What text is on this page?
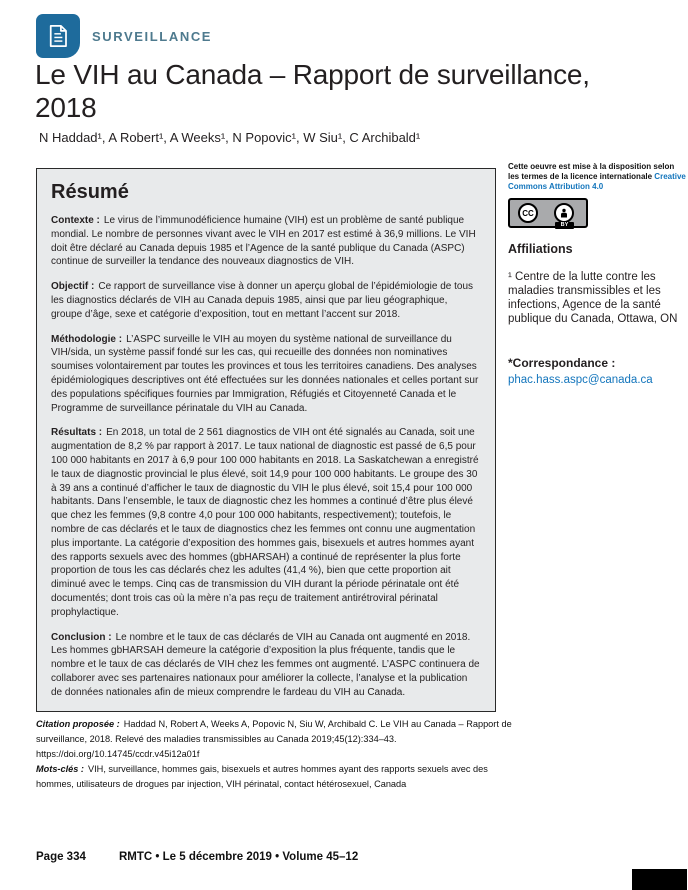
SURVEILLANCE
Le VIH au Canada – Rapport de surveillance, 2018
N Haddad¹, A Robert¹, A Weeks¹, N Popovic¹, W Siu¹, C Archibald¹
Résumé

Contexte : Le virus de l’immunodéficience humaine (VIH) est un problème de santé publique mondial. Le nombre de personnes vivant avec le VIH en 2017 est estimé à 36,9 millions. Le VIH doit être déclaré au Canada depuis 1985 et l’Agence de la santé publique du Canada (ASPC) continue de surveiller la tendance des nouveaux diagnostics de VIH.

Objectif : Ce rapport de surveillance vise à donner un aperçu global de l’épidémiologie de tous les diagnostics déclarés de VIH au Canada depuis 1985, ainsi que par lieu géographique, groupe d’âge, sexe et catégorie d’exposition, tout en mettant l’accent sur 2018.

Méthodologie : L’ASPC surveille le VIH au moyen du système national de surveillance du VIH/sida, un système passif fondé sur les cas, qui recueille des données non nominatives soumises volontairement par toutes les provinces et tous les territoires canadiens. Des analyses épidémiologiques descriptives ont été effectuées sur les données nationales et celles portant sur des populations spécifiques fournies par Immigration, Réfugiés et Citoyenneté Canada et le Programme de surveillance périnatale du VIH au Canada.

Résultats : En 2018, un total de 2 561 diagnostics de VIH ont été signalés au Canada, soit une augmentation de 8,2 % par rapport à 2017. Le taux national de diagnostic est passé de 6,5 pour 100 000 habitants en 2017 à 6,9 pour 100 000 habitants en 2018. La Saskatchewan a enregistré le taux de diagnostic provincial le plus élevé, soit 14,9 pour 100 000 habitants. Le groupe des 30 à 39 ans a continué d’afficher le taux de diagnostic du VIH le plus élevé, soit 15,4 pour 100 000 habitants. Dans l’ensemble, le taux de diagnostic chez les hommes a continué d’être plus élevé que chez les femmes (9,8 contre 4,0 pour 100 000 habitants, respectivement); toutefois, le nombre de cas déclarés et le taux de diagnostics chez les femmes ont connu une augmentation plus importante. La catégorie d’exposition des hommes gais, bisexuels et autres hommes ayant des rapports sexuels avec des hommes (gbHARSAH) a continué de représenter la plus forte proportion de tous les cas déclarés chez les adultes (41,4 %), bien que cette proportion ait diminué avec le temps. Cinq cas de transmission du VIH durant la période périnatale ont été documentés; dont trois cas où la mère n’a pas reçu de traitement antirétroviral périnatal prophylactique.

Conclusion : Le nombre et le taux de cas déclarés de VIH au Canada ont augmenté en 2018. Les hommes gbHARSAH demeure la catégorie d’exposition la plus fréquente, tandis que le nombre et le taux de cas déclarés de VIH chez les femmes ont augmenté. L’ASPC continuera de collaborer avec ses partenaires nationaux pour améliorer la collecte, l’analyse et la publication de données nationales afin de mieux comprendre le fardeau du VIH au Canada.

Cette oeuvre est mise à la disposition selon les termes de la licence internationale Creative Commons Attribution 4.0

CC
BY
Affiliations

¹ Centre de la lutte contre les maladies transmissibles et les infections, Agence de la santé publique du Canada, Ottawa, ON

*Correspondance :

phac.hass.aspc@canada.ca

Citation proposée : Haddad N, Robert A, Weeks A, Popovic N, Siu W, Archibald C. Le VIH au Canada – Rapport de surveillance, 2018. Relevé des maladies transmissibles au Canada 2019;45(12):334–43. https://doi.org/10.14745/ccdr.v45i12a01f

Mots-clés : VIH, surveillance, hommes gais, bisexuels et autres hommes ayant des rapports sexuels avec des hommes, utilisateurs de drogues par injection, VIH périnatal, contact hétérosexuel, Canada

Page 334	RMTC • Le 5 décembre 2019 • Volume 45–12
